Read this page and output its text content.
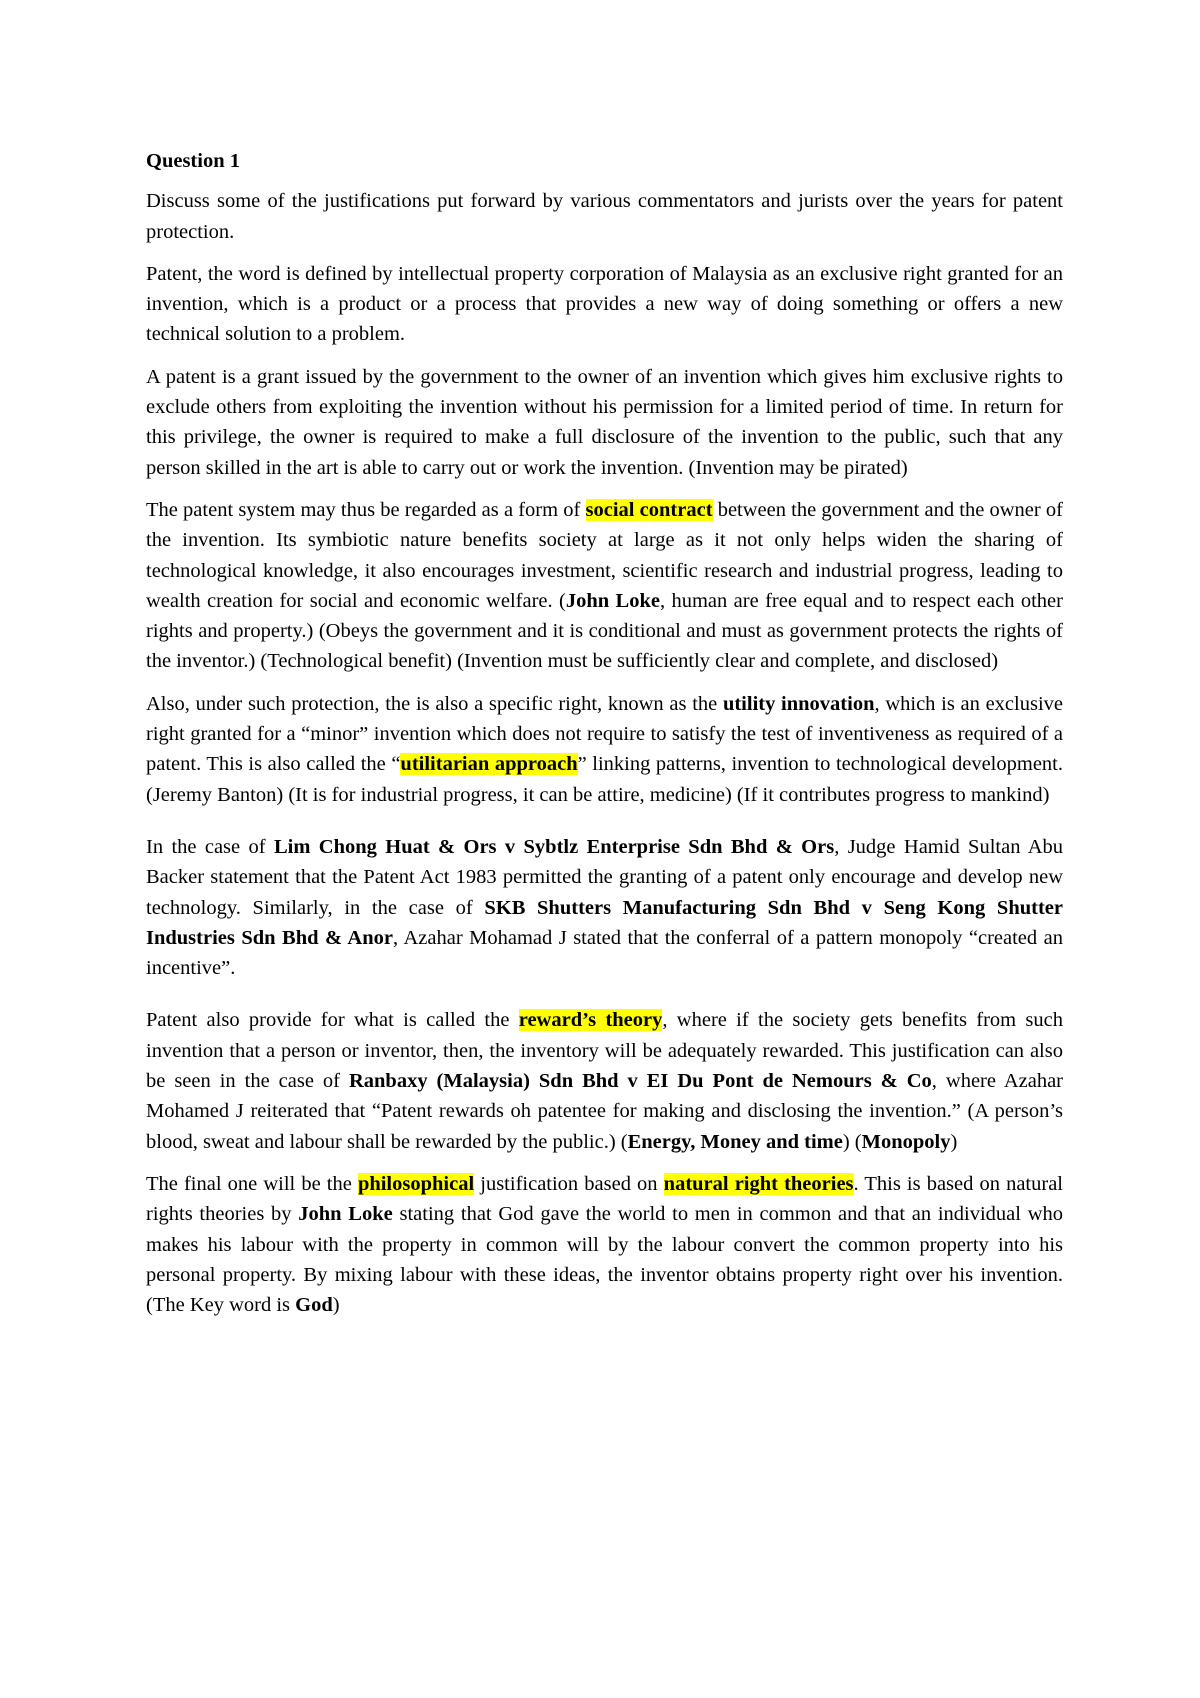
Question 1

Discuss some of the justifications put forward by various commentators and jurists over the years for patent protection.

Patent, the word is defined by intellectual property corporation of Malaysia as an exclusive right granted for an invention, which is a product or a process that provides a new way of doing something or offers a new technical solution to a problem.

A patent is a grant issued by the government to the owner of an invention which gives him exclusive rights to exclude others from exploiting the invention without his permission for a limited period of time. In return for this privilege, the owner is required to make a full disclosure of the invention to the public, such that any person skilled in the art is able to carry out or work the invention. (Invention may be pirated)

The patent system may thus be regarded as a form of social contract between the government and the owner of the invention. Its symbiotic nature benefits society at large as it not only helps widen the sharing of technological knowledge, it also encourages investment, scientific research and industrial progress, leading to wealth creation for social and economic welfare. (John Loke, human are free equal and to respect each other rights and property.) (Obeys the government and it is conditional and must as government protects the rights of the inventor.) (Technological benefit) (Invention must be sufficiently clear and complete, and disclosed)

Also, under such protection, the is also a specific right, known as the utility innovation, which is an exclusive right granted for a “minor” invention which does not require to satisfy the test of inventiveness as required of a patent. This is also called the “utilitarian approach” linking patterns, invention to technological development. (Jeremy Banton) (It is for industrial progress, it can be attire, medicine) (If it contributes progress to mankind)

In the case of Lim Chong Huat & Ors v Sybtlz Enterprise Sdn Bhd & Ors, Judge Hamid Sultan Abu Backer statement that the Patent Act 1983 permitted the granting of a patent only encourage and develop new technology. Similarly, in the case of SKB Shutters Manufacturing Sdn Bhd v Seng Kong Shutter Industries Sdn Bhd & Anor, Azahar Mohamad J stated that the conferral of a pattern monopoly “created an incentive”.

Patent also provide for what is called the reward’s theory, where if the society gets benefits from such invention that a person or inventor, then, the inventory will be adequately rewarded. This justification can also be seen in the case of Ranbaxy (Malaysia) Sdn Bhd v EI Du Pont de Nemours & Co, where Azahar Mohamed J reiterated that “Patent rewards oh patentee for making and disclosing the invention.” (A person’s blood, sweat and labour shall be rewarded by the public.) (Energy, Money and time) (Monopoly)

The final one will be the philosophical justification based on natural right theories. This is based on natural rights theories by John Loke stating that God gave the world to men in common and that an individual who makes his labour with the property in common will by the labour convert the common property into his personal property. By mixing labour with these ideas, the inventor obtains property right over his invention. (The Key word is God)
